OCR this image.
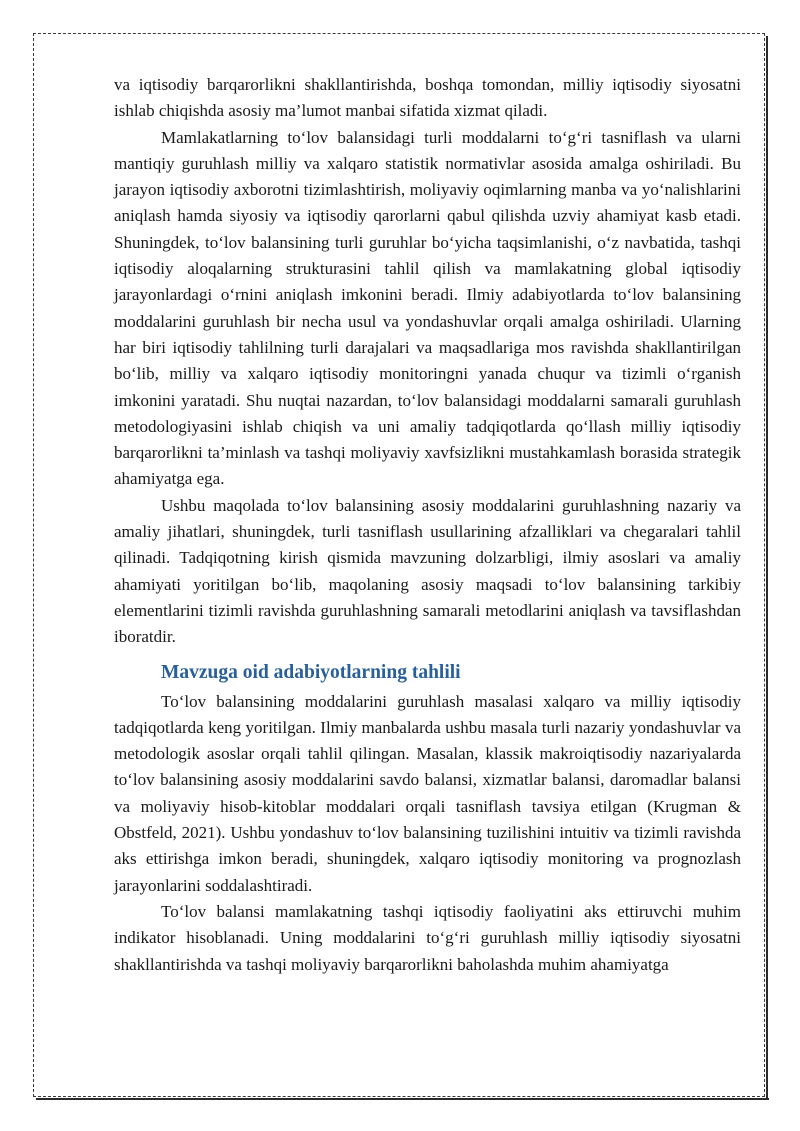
va iqtisodiy barqarorlikni shakllantirishda, boshqa tomondan, milliy iqtisodiy siyosatni ishlab chiqishda asosiy ma’lumot manbai sifatida xizmat qiladi.

Mamlakatlarning to‘lov balansidagi turli moddalarni to‘g‘ri tasniflash va ularni mantiqiy guruhlash milliy va xalqaro statistik normativlar asosida amalga oshiriladi. Bu jarayon iqtisodiy axborotni tizimlashtirish, moliyaviy oqimlarning manba va yo‘nalishlarini aniqlash hamda siyosiy va iqtisodiy qarorlarni qabul qilishda uzviy ahamiyat kasb etadi. Shuningdek, to‘lov balansining turli guruhlar bo‘yicha taqsimlanishi, o‘z navbatida, tashqi iqtisodiy aloqalarning strukturasini tahlil qilish va mamlakatning global iqtisodiy jarayonlardagi o‘rnini aniqlash imkonini beradi. Ilmiy adabiyotlarda to‘lov balansining moddalarini guruhlash bir necha usul va yondashuvlar orqali amalga oshiriladi. Ularning har biri iqtisodiy tahlilning turli darajalari va maqsadlariga mos ravishda shakllantirilgan bo‘lib, milliy va xalqaro iqtisodiy monitoringni yanada chuqur va tizimli o‘rganish imkonini yaratadi. Shu nuqtai nazardan, to‘lov balansidagi moddalarni samarali guruhlash metodologiyasini ishlab chiqish va uni amaliy tadqiqotlarda qo‘llash milliy iqtisodiy barqarorlikni ta’minlash va tashqi moliyaviy xavfsizlikni mustahkamlash borasida strategik ahamiyatga ega.

Ushbu maqolada to‘lov balansining asosiy moddalarini guruhlashning nazariy va amaliy jihatlari, shuningdek, turli tasniflash usullarining afzalliklari va chegaralari tahlil qilinadi. Tadqiqotning kirish qismida mavzuning dolzarbligi, ilmiy asoslari va amaliy ahamiyati yoritilgan bo‘lib, maqolaning asosiy maqsadi to‘lov balansining tarkibiy elementlarini tizimli ravishda guruhlashning samarali metodlarini aniqlash va tavsiflashdan iboratdir.

Mavzuga oid adabiyotlarning tahlili

To‘lov balansining moddalarini guruhlash masalasi xalqaro va milliy iqtisodiy tadqiqotlarda keng yoritilgan. Ilmiy manbalarda ushbu masala turli nazariy yondashuvlar va metodologik asoslar orqali tahlil qilingan. Masalan, klassik makroiqtisodiy nazariyalarda to‘lov balansining asosiy moddalarini savdo balansi, xizmatlar balansi, daromadlar balansi va moliyaviy hisob-kitoblar moddalari orqali tasniflash tavsiya etilgan (Krugman & Obstfeld, 2021). Ushbu yondashuv to‘lov balansining tuzilishini intuitiv va tizimli ravishda aks ettirishga imkon beradi, shuningdek, xalqaro iqtisodiy monitoring va prognozlash jarayonlarini soddalashtiradi.

To‘lov balansi mamlakatning tashqi iqtisodiy faoliyatini aks ettiruvchi muhim indikator hisoblanadi. Uning moddalarini to‘g‘ri guruhlash milliy iqtisodiy siyosatni shakllantirishda va tashqi moliyaviy barqarorlikni baholashda muhim ahamiyatga
